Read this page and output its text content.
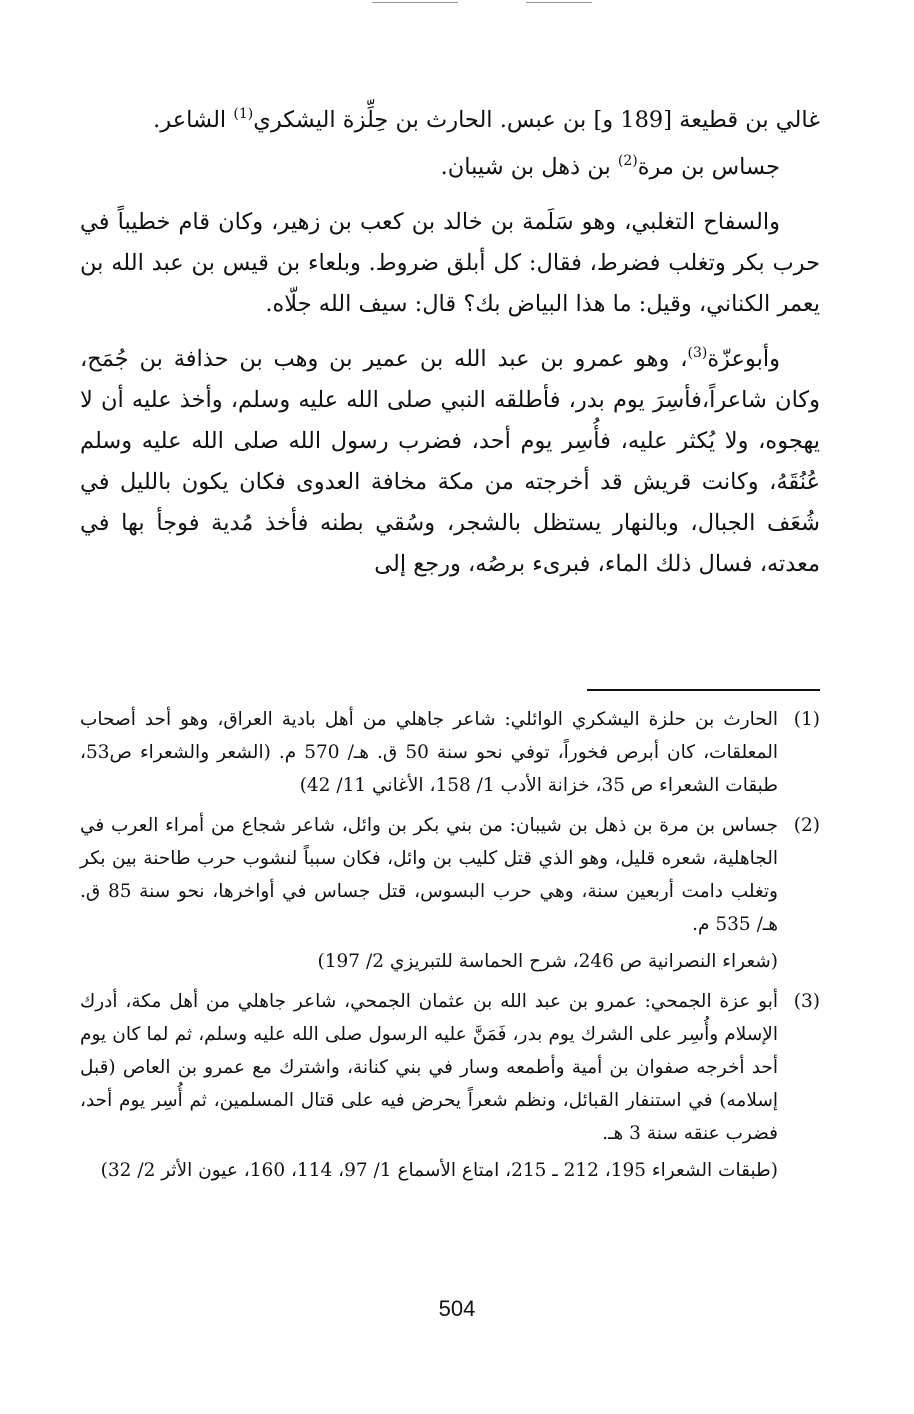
غالي بن قطيعة [189 و] بن عبس. الحارث بن حِلِّزة اليشكري$^{(1)}$ الشاعر.

جساس بن مرة$^{(2)}$ بن ذهل بن شيبان.

والسفاح التغلبي، وهو سَلَمة بن خالد بن كعب بن زهير، وكان قام خطيباً في حرب بكر وتغلب فضرط، فقال: كل أبلق ضروط. وبلعاء بن قيس بن عبد الله بن يعمر الكناني، وقيل: ما هذا البياض بك؟ قال: سيف الله جلّاه.

وأبوعزّة$^{(3)}$، وهو عمرو بن عبد الله بن عمير بن وهب بن حذافة بن جُمَح، وكان شاعراً،فأسِرَ يوم بدر، فأطلقه النبي صلى الله عليه وسلم، وأخذ عليه أن لا يهجوه، ولا يُكثر عليه، فأُسِر يوم أحد، فضرب رسول الله صلى الله عليه وسلم عُنُقَهُ، وكانت قريش قد أخرجته من مكة مخافة العدوى فكان يكون بالليل في شُعَف الجبال، وبالنهار يستظل بالشجر، وسُقي بطنه فأخذ مُدية فوجأ بها في معدته، فسال ذلك الماء، فبرىء برصُه، ورجع إلى

(1)

الحارث بن حلزة اليشكري الوائلي: شاعر جاهلي من أهل بادية العراق، وهو أحد أصحاب المعلقات، كان أبرص فخوراً، توفي نحو سنة 50 ق. هـ/ 570 م. (الشعر والشعراء ص53، طبقات الشعراء ص 35، خزانة الأدب 1/ 158، الأغاني 11/ 42)

(2)

جساس بن مرة بن ذهل بن شيبان: من بني بكر بن وائل، شاعر شجاع من أمراء العرب في الجاهلية، شعره قليل، وهو الذي قتل كليب بن وائل، فكان سبباً لنشوب حرب طاحنة بين بكر وتغلب دامت أربعين سنة، وهي حرب البسوس، قتل جساس في أواخرها، نحو سنة 85 ق. هـ/ 535 م.

(شعراء النصرانية ص 246، شرح الحماسة للتبريزي 2/ 197)

(3)

أبو عزة الجمحي: عمرو بن عبد الله بن عثمان الجمحي، شاعر جاهلي من أهل مكة، أدرك الإسلام وأُسِر على الشرك يوم بدر، فَمَنَّ عليه الرسول صلى الله عليه وسلم، ثم لما كان يوم أحد أخرجه صفوان بن أمية وأطمعه وسار في بني كنانة، واشترك مع عمرو بن العاص (قبل إسلامه) في استنفار القبائل، ونظم شعراً يحرض فيه على قتال المسلمين، ثم أُسِر يوم أحد، فضرب عنقه سنة 3 هـ.

(طبقات الشعراء 195، 212 ـ 215، امتاع الأسماع 1/ 97، 114، 160، عيون الأثر 2/ 32)

504
